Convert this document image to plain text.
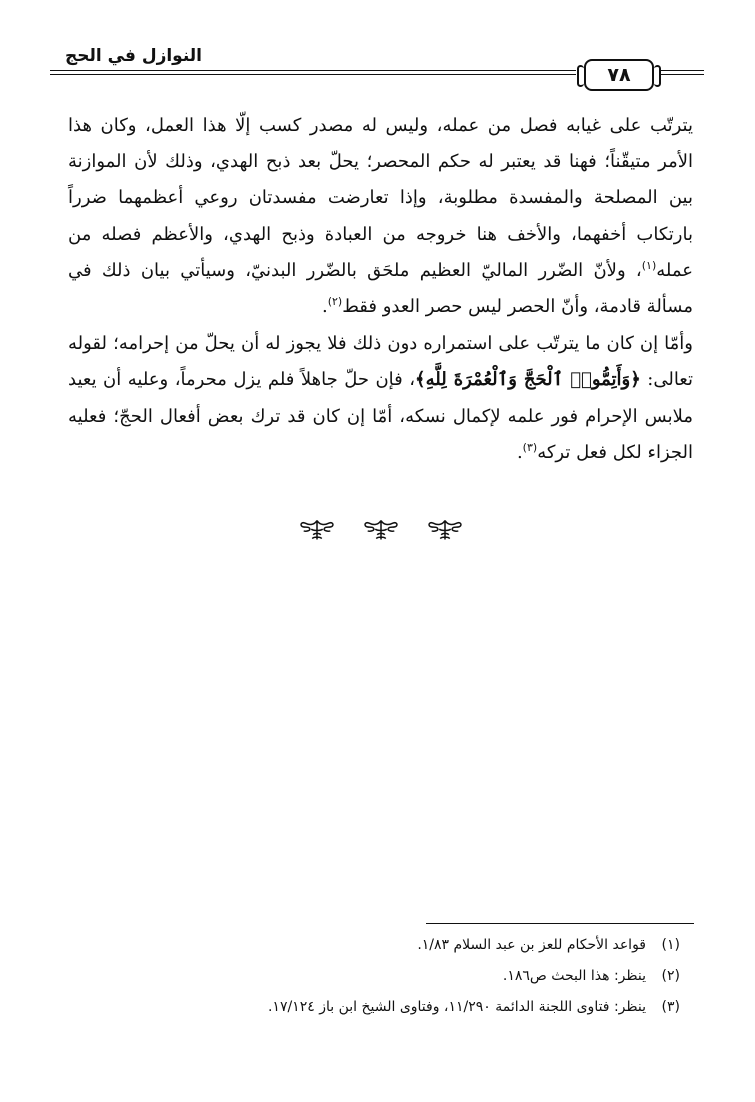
النوازل في الحج
٧٨

يترتّب على غيابه فصل من عمله، وليس له مصدر كسب إلّا هذا العمل، وكان هذا الأمر متيقّناً؛ فهنا قد يعتبر له حكم المحصر؛ يحلّ بعد ذبح الهدي، وذلك لأن الموازنة بين المصلحة والمفسدة مطلوبة، وإذا تعارضت مفسدتان روعي أعظمهما ضرراً بارتكاب أخفهما، والأخف هنا خروجه من العبادة وذبح الهدي، والأعظم فصله من عمله$^{(١)}$، ولأنّ الضّرر الماليّ العظيم ملحَق بالضّرر البدنيّ، وسيأتي بيان ذلك في مسألة قادمة، وأنّ الحصر ليس حصر العدو فقط$^{(٢)}$.

وأمّا إن كان ما يترتّب على استمراره دون ذلك فلا يجوز له أن يحلّ من إحرامه؛ لقوله تعالى: ﴿وَأَتِمُّوا۟ ٱلْحَجَّ وَٱلْعُمْرَةَ لِلَّهِ﴾، فإن حلّ جاهلاً فلم يزل محرماً، وعليه أن يعيد ملابس الإحرام فور علمه لإكمال نسكه، أمّا إن كان قد ترك بعض أفعال الحجّ؛ فعليه الجزاء لكل فعل تركه$^{(٣)}$.

(١)قواعد الأحكام للعز بن عبد السلام ١/٨٣.
(٢)ينظر: هذا البحث ص١٨٦.
(٣)ينظر: فتاوى اللجنة الدائمة ١١/٢٩٠، وفتاوى الشيخ ابن باز ١٧/١٢٤.
